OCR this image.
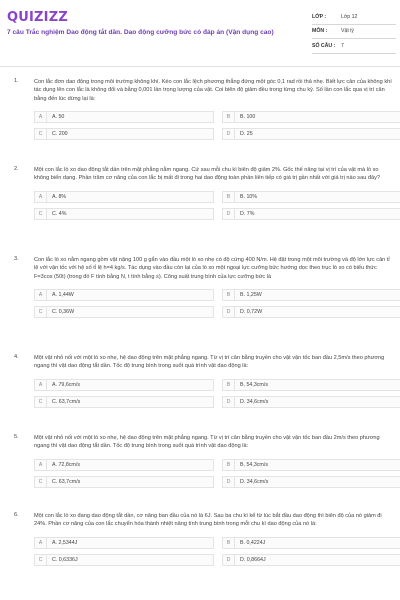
QUIZIZZ
7 câu Trắc nghiệm Dao động tắt dần. Dao động cưỡng bức có đáp án (Vận dụng cao)
LỚP :	Lớp 12
MÔN :	Vật lý
SỐ CÂU :	7
1.	Con lắc đơn dao động trong môi trường không khí. Kéo con lắc lệch phương thẳng đứng một góc 0,1 rad rồi thả nhẹ. Biết lực cản của không khí tác dụng lên con lắc là không đổi và bằng 0,001 lần trọng lượng của vật. Coi biên độ giảm đều trong từng chu kỳ. Số lần con lắc qua vị trí cân bằng đến lúc dừng lại là:
A	A. 50	B	B. 100
C	C. 200	D	D. 25
2.	Một con lắc lò xo dao động tắt dần trên mặt phẳng nằm ngang. Cứ sau mỗi chu kì biên độ giảm 2%. Gốc thế năng tại vị trí của vật mà lò xo không biến dạng. Phần trăm cơ năng của con lắc bị mất đi trong hai dao động toàn phần liên tiếp có giá trị gần nhất với giá trị nào sau đây?
A	A. 8%	B	B. 10%
C	C. 4%	D	D. 7%
3.	Con lắc lò xo nằm ngang gồm vật nặng 100 g gắn vào đầu một lò xo nhẹ có độ cứng 400 N/m. Hệ đặt trong một môi trường và độ lớn lực cản tỉ lệ với vận tốc với hệ số tỉ lệ h=4 kg/s. Tác dụng vào đầu còn lại của lò xo một ngoại lực cưỡng bức hướng dọc theo trục lò xo có biểu thức F=3cos (50t) (trong đó F tính bằng N, t tính bằng s). Công suất trung bình của lực cưỡng bức là
A	A. 1,44W	B	B. 1,25W
C	C. 0,36W	D	D. 0,72W
4.	Một vật nhỏ nối với một lò xo nhẹ, hệ dao động trên mặt phẳng ngang. Từ vị trí cân bằng truyền cho vật vận tốc ban đầu 2,5m/s theo phương ngang thì vật dao động tắt dần. Tốc độ trung bình trong suốt quá trình vật dao động là:
A	A. 79,6cm/s	B	B. 54,3cm/s
C	C. 63,7cm/s	D	D. 34,6cm/s
5.	Một vật nhỏ nối với một lò xo nhẹ, hệ dao động trên mặt phẳng ngang. Từ vị trí cân bằng truyền cho vật vận tốc ban đầu 2m/s theo phương ngang thì vật dao động tắt dần. Tốc độ trung bình trong suốt quá trình vật dao động là:
A	A. 72,8cm/s	B	B. 54,3cm/s
C	C. 63,7cm/s	D	D. 34,6cm/s
6.	Một con lắc lò xo đang dao động tắt dần, cơ năng ban đầu của nó là 6J. Sau ba chu kì kể từ lúc bắt đầu dao động thì biên độ của nó giảm đi 24%. Phần cơ năng của con lắc chuyển hóa thành nhiệt năng tính trung bình trong mỗi chu kì dao động của nó là:
A	A. 2,5344J	B	B. 0,4224J
C	C. 0,6336J	D	D. 0,8664J
